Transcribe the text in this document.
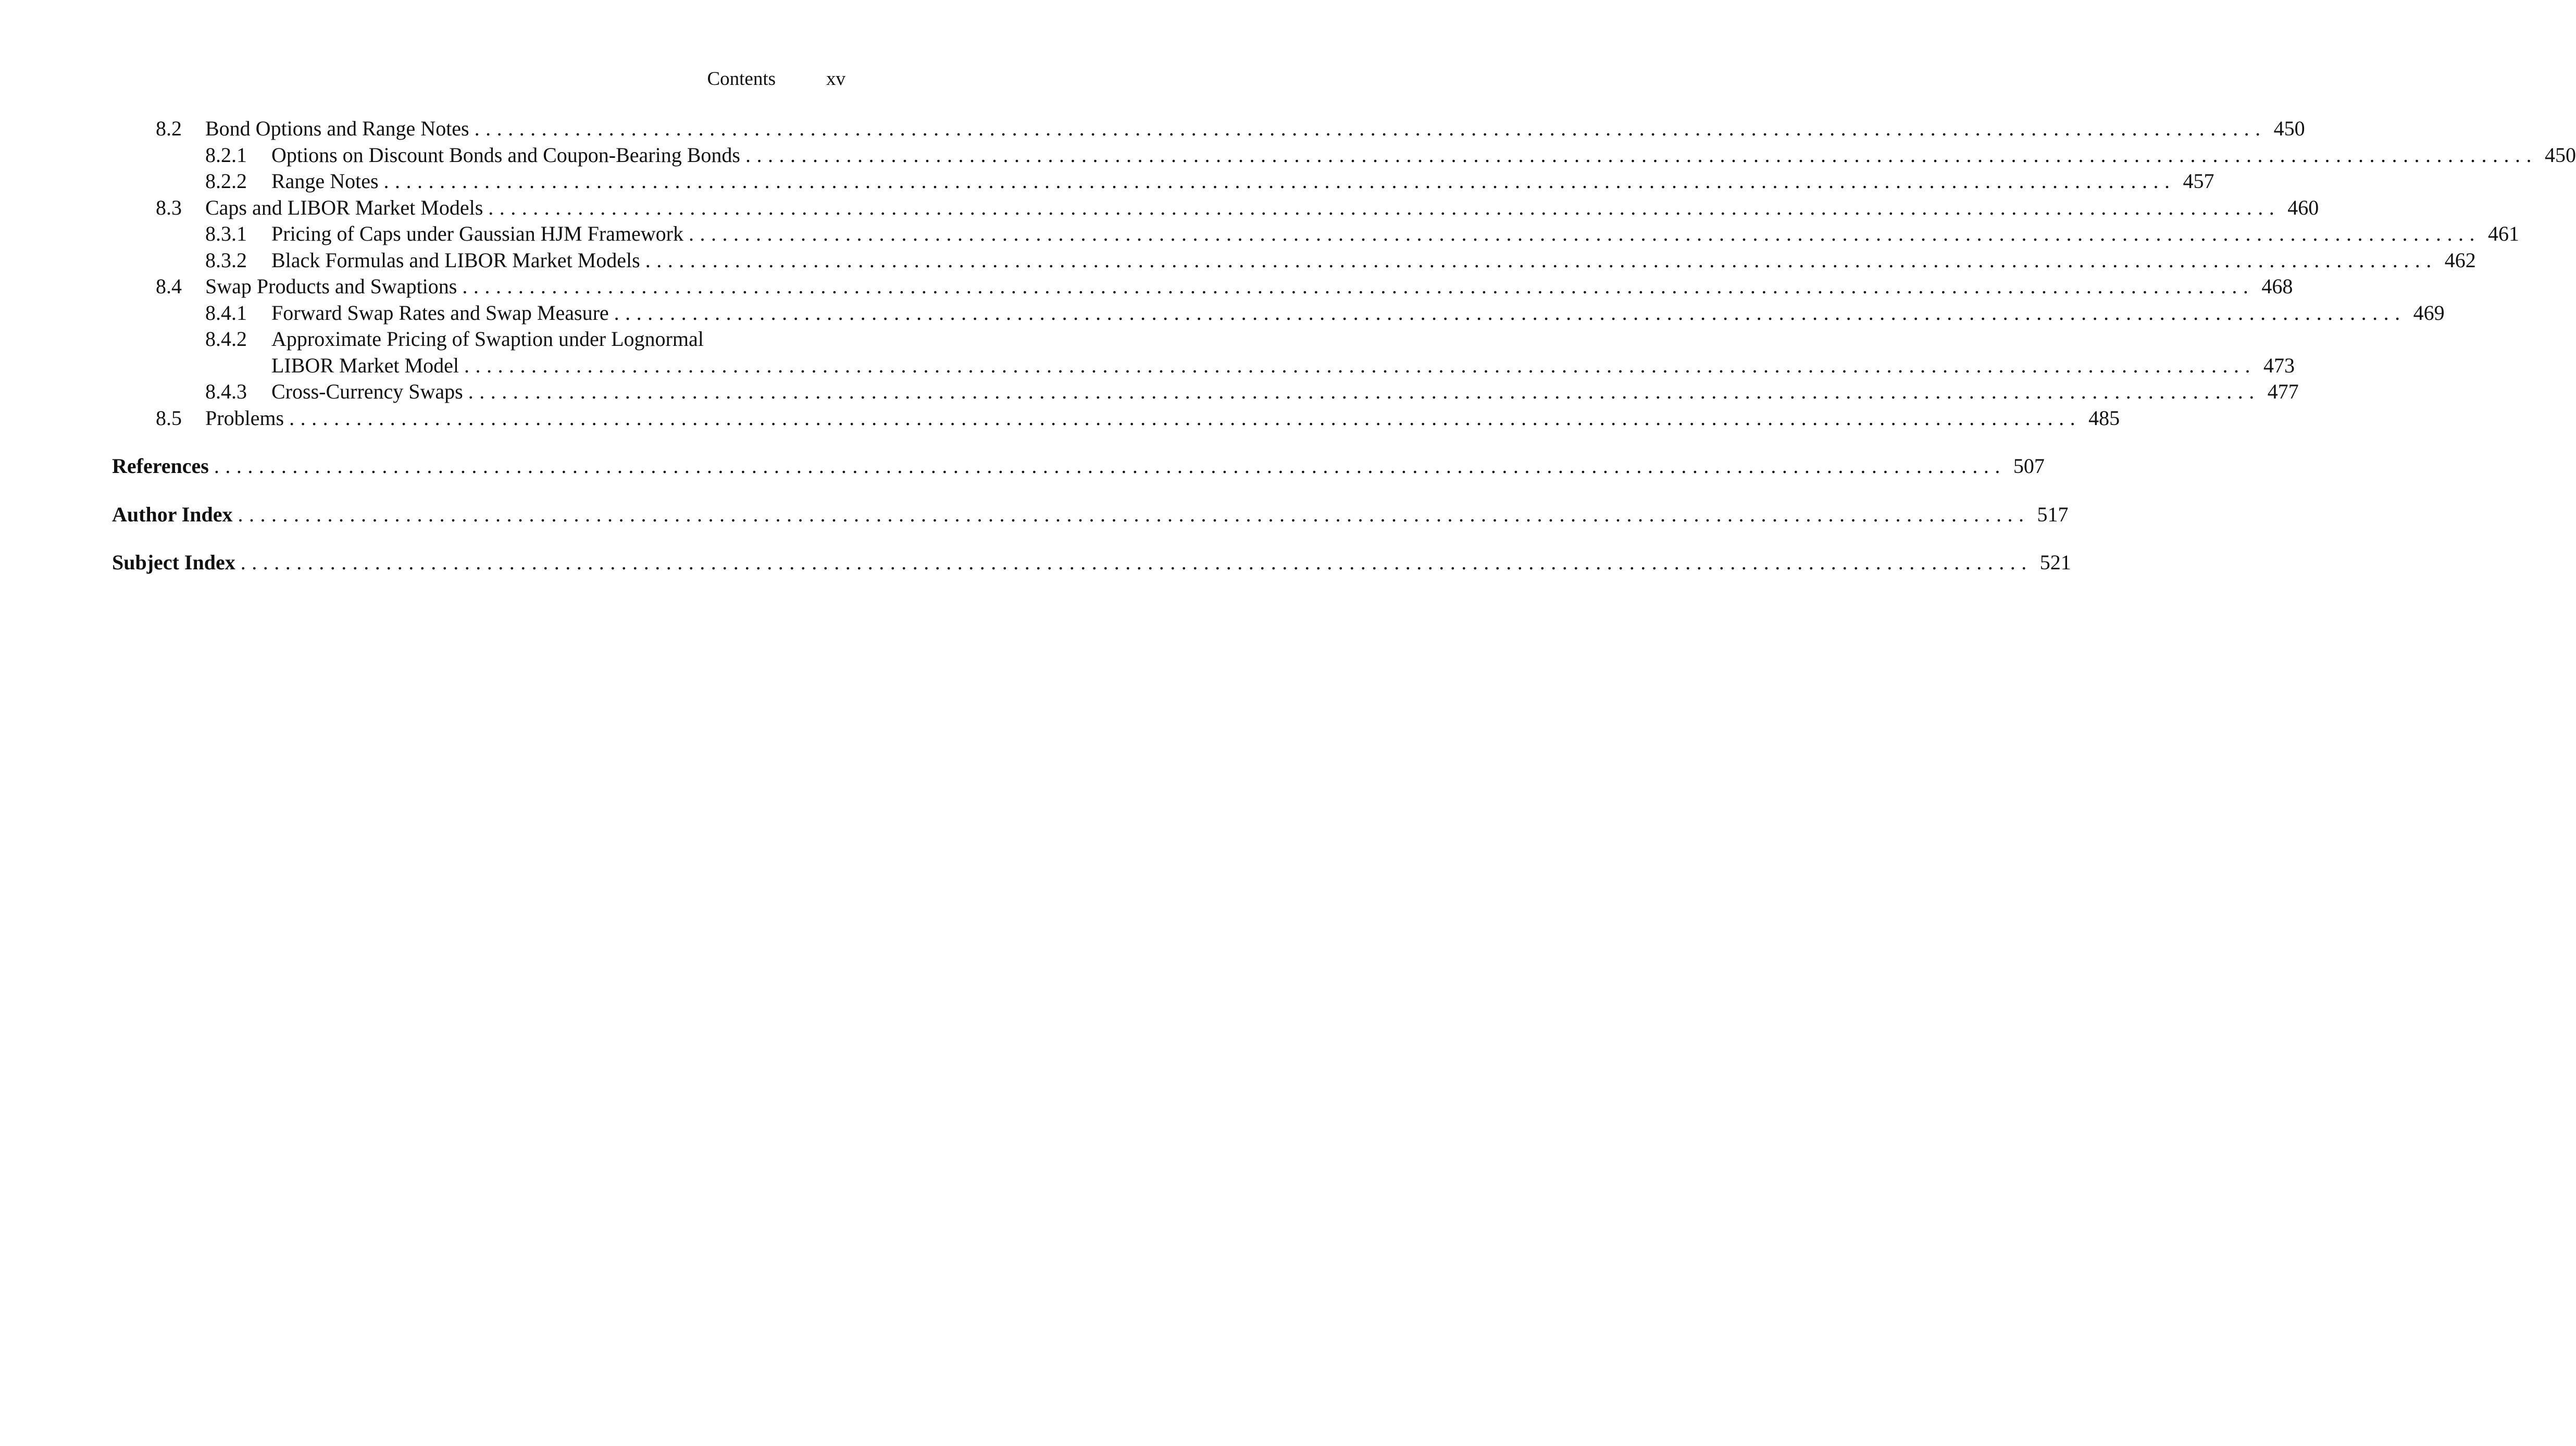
Contents	xv
8.2 Bond Options and Range Notes ................................................................................................................................................................ 450
8.2.1 Options on Discount Bonds and Coupon-Bearing Bonds ................................................................................................................................................................ 450
8.2.2 Range Notes ................................................................................................................................................................ 457
8.3 Caps and LIBOR Market Models ................................................................................................................................................................ 460
8.3.1 Pricing of Caps under Gaussian HJM Framework ................................................................................................................................................................ 461
8.3.2 Black Formulas and LIBOR Market Models ................................................................................................................................................................ 462
8.4 Swap Products and Swaptions ................................................................................................................................................................ 468
8.4.1 Forward Swap Rates and Swap Measure ................................................................................................................................................................ 469
8.4.2 Approximate Pricing of Swaption under Lognormal
LIBOR Market Model ................................................................................................................................................................ 473
8.4.3 Cross-Currency Swaps ................................................................................................................................................................ 477
8.5 Problems ................................................................................................................................................................ 485
References ................................................................................................................................................................ 507
Author Index ................................................................................................................................................................ 517
Subject Index ................................................................................................................................................................ 521
